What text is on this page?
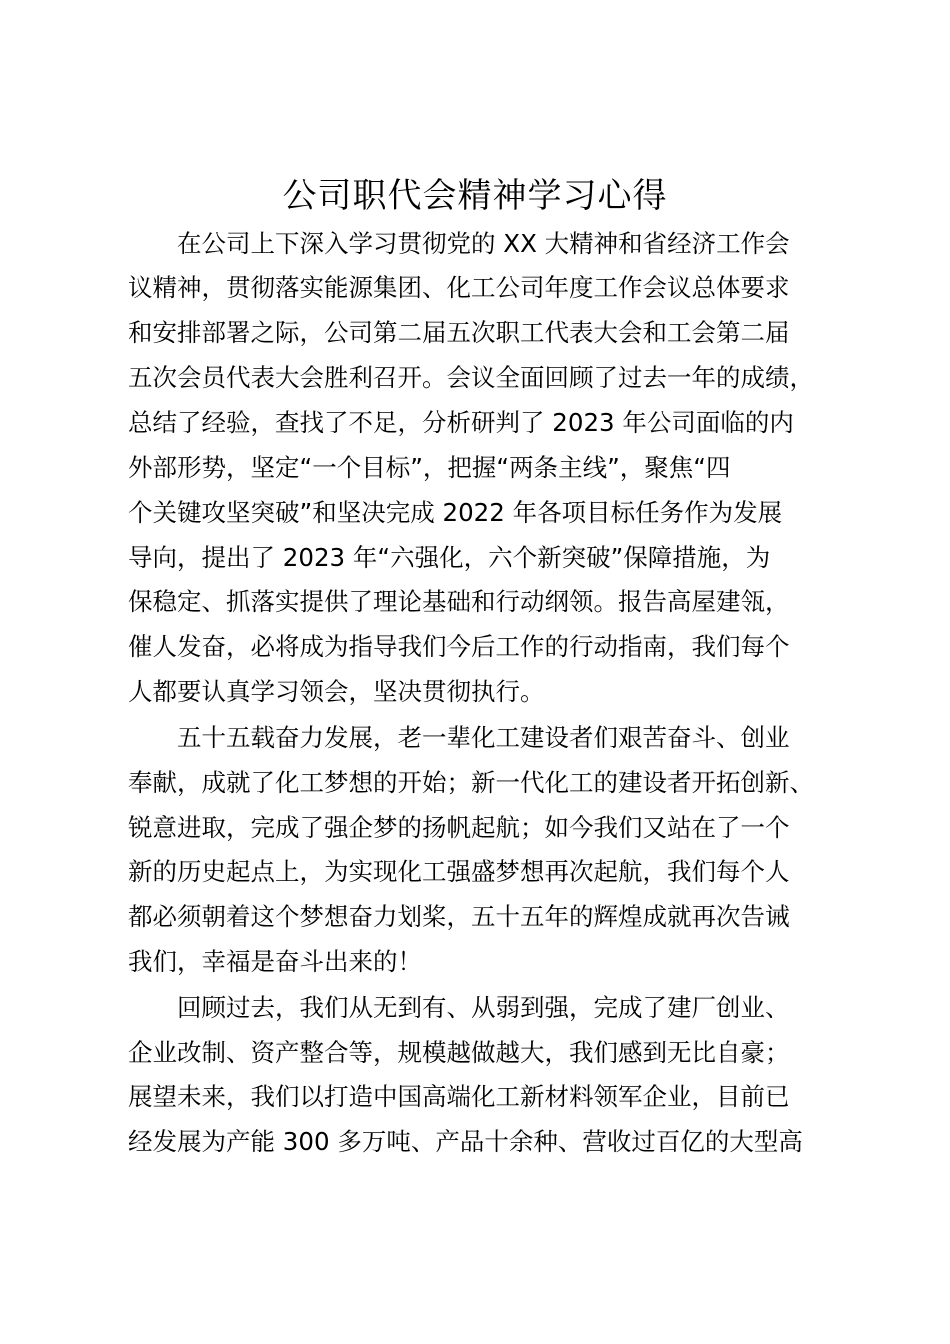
公司职代会精神学习心得
在公司上下深入学习贯彻党的 XX 大精神和省经济工作会
议精神，贯彻落实能源集团、化工公司年度工作会议总体要求
和安排部署之际，公司第二届五次职工代表大会和工会第二届
五次会员代表大会胜利召开。会议全面回顾了过去一年的成绩，
总结了经验，查找了不足，分析研判了 2023 年公司面临的内
外部形势，坚定“一个目标”，把握“两条主线”，聚焦“四
个关键攻坚突破”和坚决完成 2022 年各项目标任务作为发展
导向，提出了 2023 年“六强化，六个新突破”保障措施，为
保稳定、抓落实提供了理论基础和行动纲领。报告高屋建瓴，
催人发奋，必将成为指导我们今后工作的行动指南，我们每个
人都要认真学习领会，坚决贯彻执行。
五十五载奋力发展，老一辈化工建设者们艰苦奋斗、创业
奉献，成就了化工梦想的开始；新一代化工的建设者开拓创新、
锐意进取，完成了强企梦的扬帆起航；如今我们又站在了一个
新的历史起点上，为实现化工强盛梦想再次起航，我们每个人
都必须朝着这个梦想奋力划桨，五十五年的辉煌成就再次告诫
我们，幸福是奋斗出来的！
回顾过去，我们从无到有、从弱到强，完成了建厂创业、
企业改制、资产整合等，规模越做越大，我们感到无比自豪；
展望未来，我们以打造中国高端化工新材料领军企业，目前已
经发展为产能 300 多万吨、产品十余种、营收过百亿的大型高
